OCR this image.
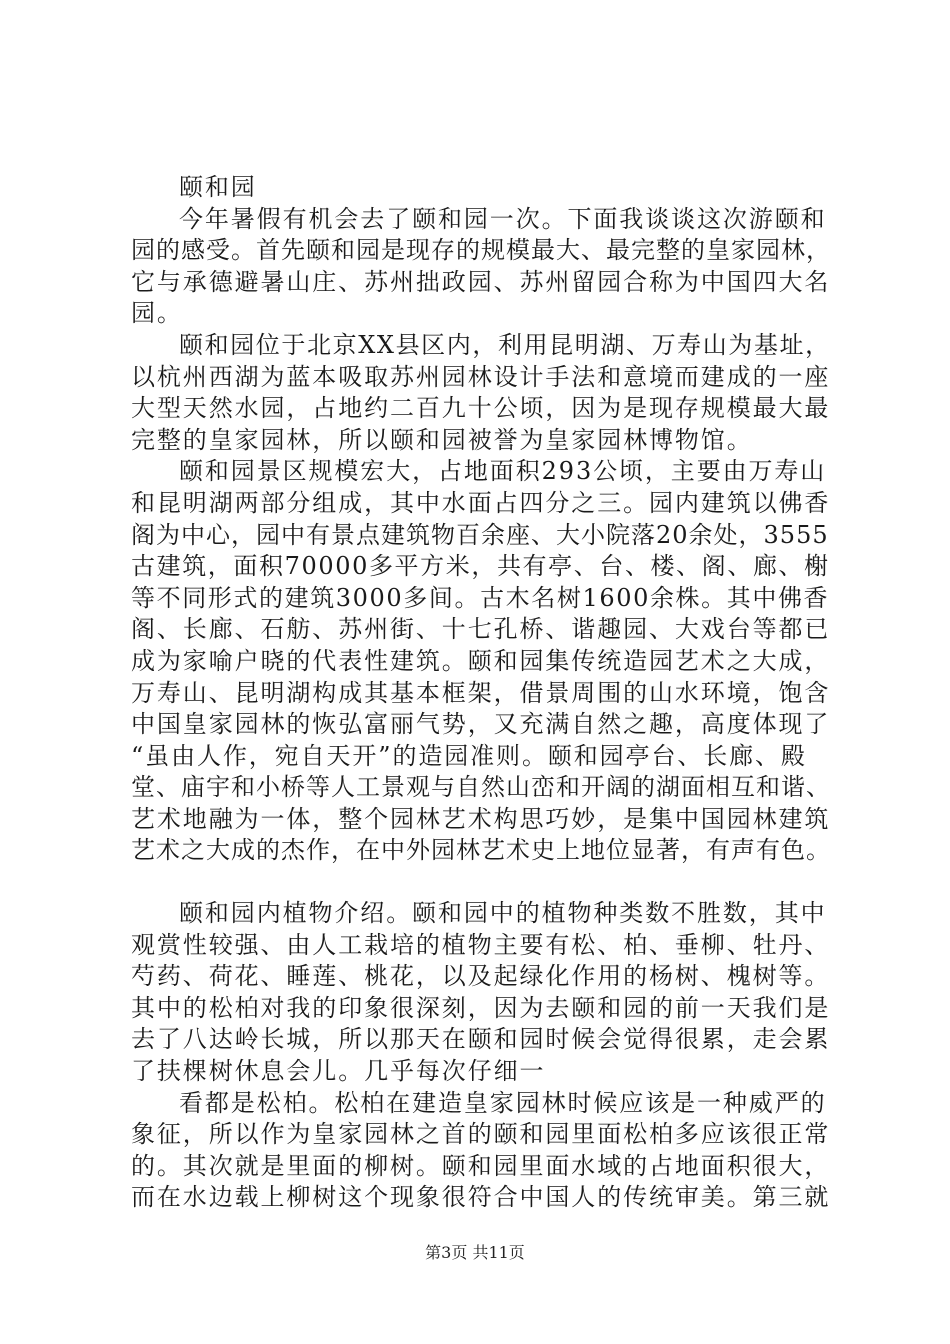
颐和园
今年暑假有机会去了颐和园一次。下面我谈谈这次游颐和
园的感受。首先颐和园是现存的规模最大、最完整的皇家园林，
它与承德避暑山庄、苏州拙政园、苏州留园合称为中国四大名
园。
颐和园位于北京XX县区内，利用昆明湖、万寿山为基址，
以杭州西湖为蓝本吸取苏州园林设计手法和意境而建成的一座
大型天然水园，占地约二百九十公顷，因为是现存规模最大最
完整的皇家园林，所以颐和园被誉为皇家园林博物馆。
颐和园景区规模宏大，占地面积293公顷，主要由万寿山
和昆明湖两部分组成，其中水面占四分之三。园内建筑以佛香
阁为中心，园中有景点建筑物百余座、大小院落20余处，3555
古建筑，面积70000多平方米，共有亭、台、楼、阁、廊、榭
等不同形式的建筑3000多间。古木名树1600余株。其中佛香
阁、长廊、石舫、苏州街、十七孔桥、谐趣园、大戏台等都已
成为家喻户晓的代表性建筑。颐和园集传统造园艺术之大成，
万寿山、昆明湖构成其基本框架，借景周围的山水环境，饱含
中国皇家园林的恢弘富丽气势，又充满自然之趣，高度体现了
“虽由人作，宛自天开”的造园准则。颐和园亭台、长廊、殿
堂、庙宇和小桥等人工景观与自然山峦和开阔的湖面相互和谐、
艺术地融为一体，整个园林艺术构思巧妙，是集中国园林建筑
艺术之大成的杰作，在中外园林艺术史上地位显著，有声有色。
颐和园内植物介绍。颐和园中的植物种类数不胜数，其中
观赏性较强、由人工栽培的植物主要有松、柏、垂柳、牡丹、
芍药、荷花、睡莲、桃花，以及起绿化作用的杨树、槐树等。
其中的松柏对我的印象很深刻，因为去颐和园的前一天我们是
去了八达岭长城，所以那天在颐和园时候会觉得很累，走会累
了扶棵树休息会儿。几乎每次仔细一
看都是松柏。松柏在建造皇家园林时候应该是一种威严的
象征，所以作为皇家园林之首的颐和园里面松柏多应该很正常
的。其次就是里面的柳树。颐和园里面水域的占地面积很大，
而在水边载上柳树这个现象很符合中国人的传统审美。第三就
第3页 共11页
